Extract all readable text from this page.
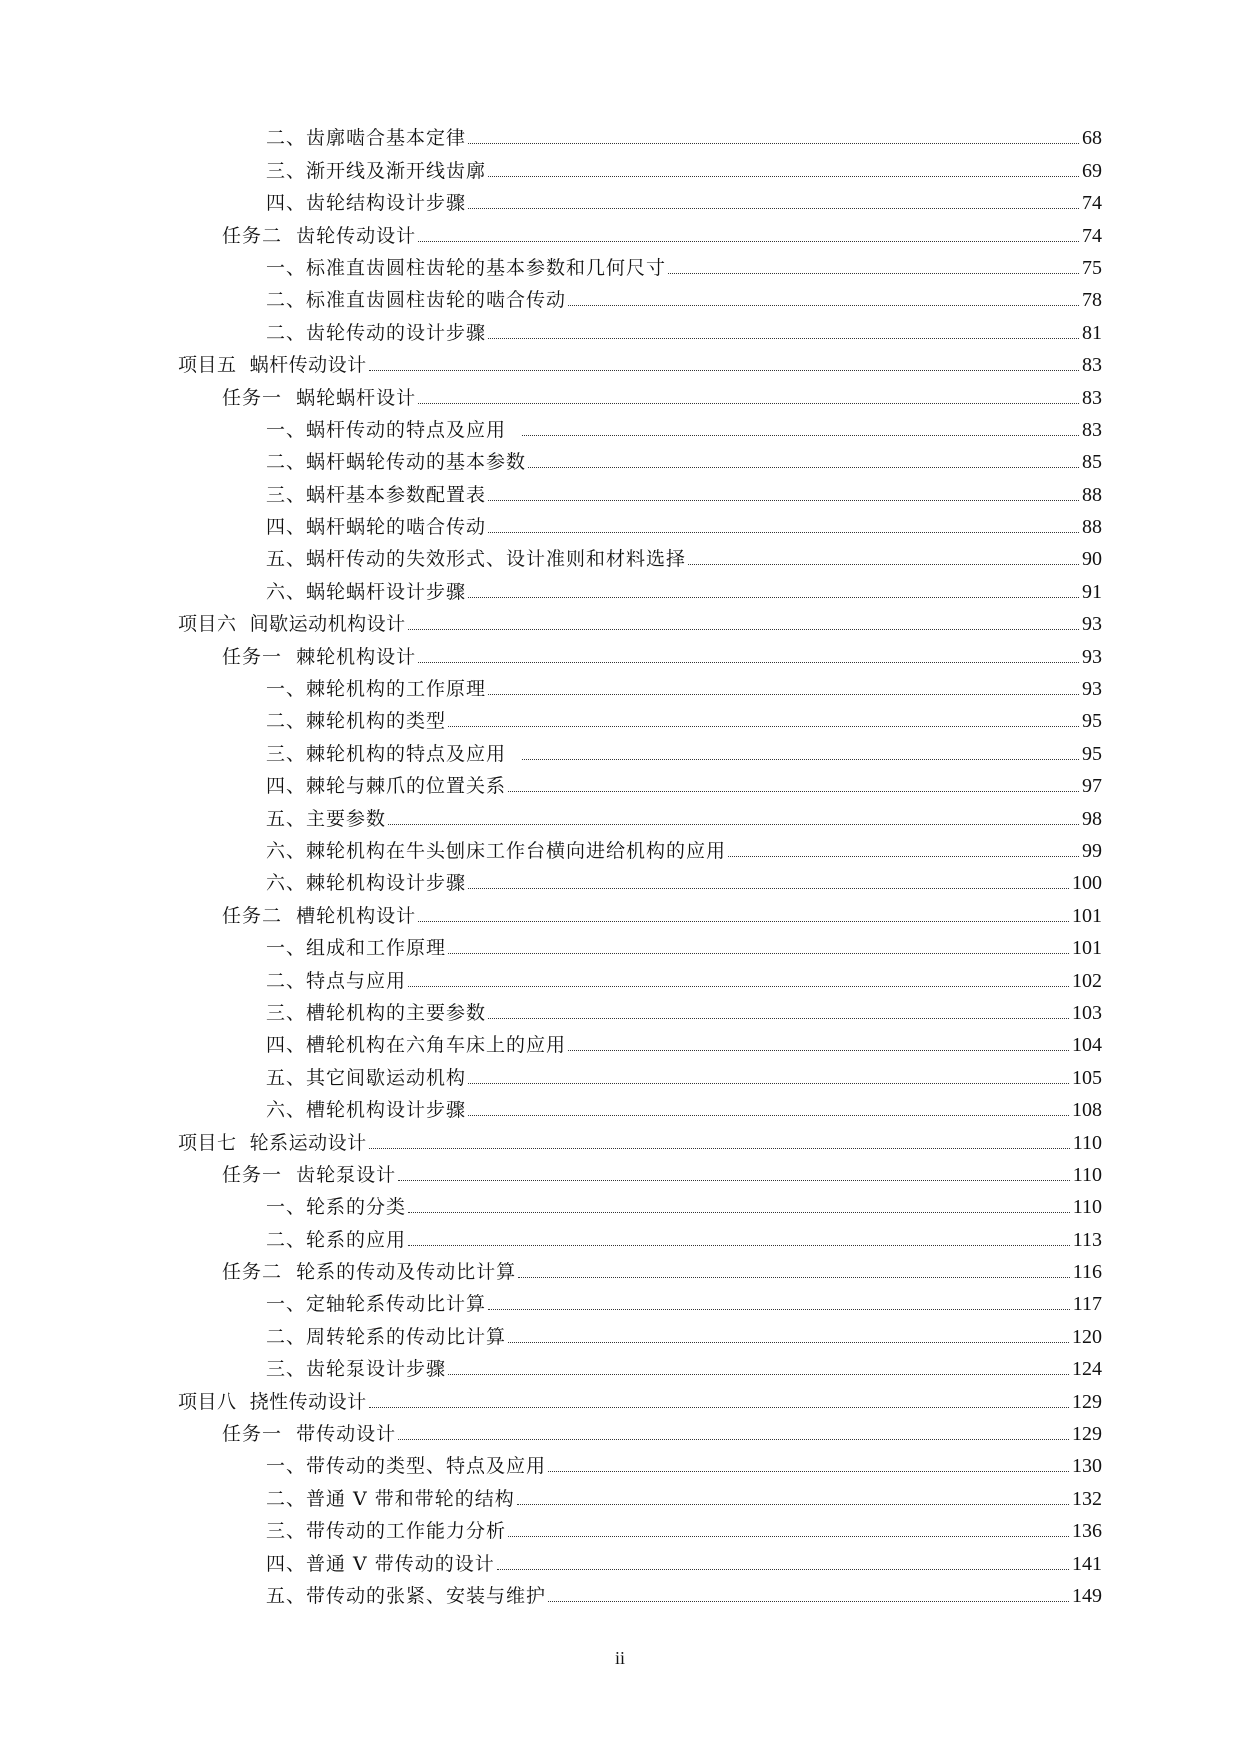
二、齿廓啮合基本定律	68
三、渐开线及渐开线齿廓	69
四、齿轮结构设计步骤	74
任务二  齿轮传动设计	74
一、标准直齿圆柱齿轮的基本参数和几何尺寸	75
二、标准直齿圆柱齿轮的啮合传动	78
二、齿轮传动的设计步骤	81
项目五  蜗杆传动设计	83
任务一  蜗轮蜗杆设计	83
一、蜗杆传动的特点及应用	83
二、蜗杆蜗轮传动的基本参数	85
三、蜗杆基本参数配置表	88
四、蜗杆蜗轮的啮合传动	88
五、蜗杆传动的失效形式、设计准则和材料选择	90
六、蜗轮蜗杆设计步骤	91
项目六  间歇运动机构设计	93
任务一  棘轮机构设计	93
一、棘轮机构的工作原理	93
二、棘轮机构的类型	95
三、棘轮机构的特点及应用	95
四、棘轮与棘爪的位置关系	97
五、主要参数	98
六、棘轮机构在牛头刨床工作台横向进给机构的应用	99
六、棘轮机构设计步骤	100
任务二  槽轮机构设计	101
一、组成和工作原理	101
二、特点与应用	102
三、槽轮机构的主要参数	103
四、槽轮机构在六角车床上的应用	104
五、其它间歇运动机构	105
六、槽轮机构设计步骤	108
项目七  轮系运动设计	110
任务一  齿轮泵设计	110
一、轮系的分类	110
二、轮系的应用	113
任务二  轮系的传动及传动比计算	116
一、定轴轮系传动比计算	117
二、周转轮系的传动比计算	120
三、齿轮泵设计步骤	124
项目八  挠性传动设计	129
任务一  带传动设计	129
一、带传动的类型、特点及应用	130
二、普通 V 带和带轮的结构	132
三、带传动的工作能力分析	136
四、普通 V 带传动的设计	141
五、带传动的张紧、安装与维护	149
ii
